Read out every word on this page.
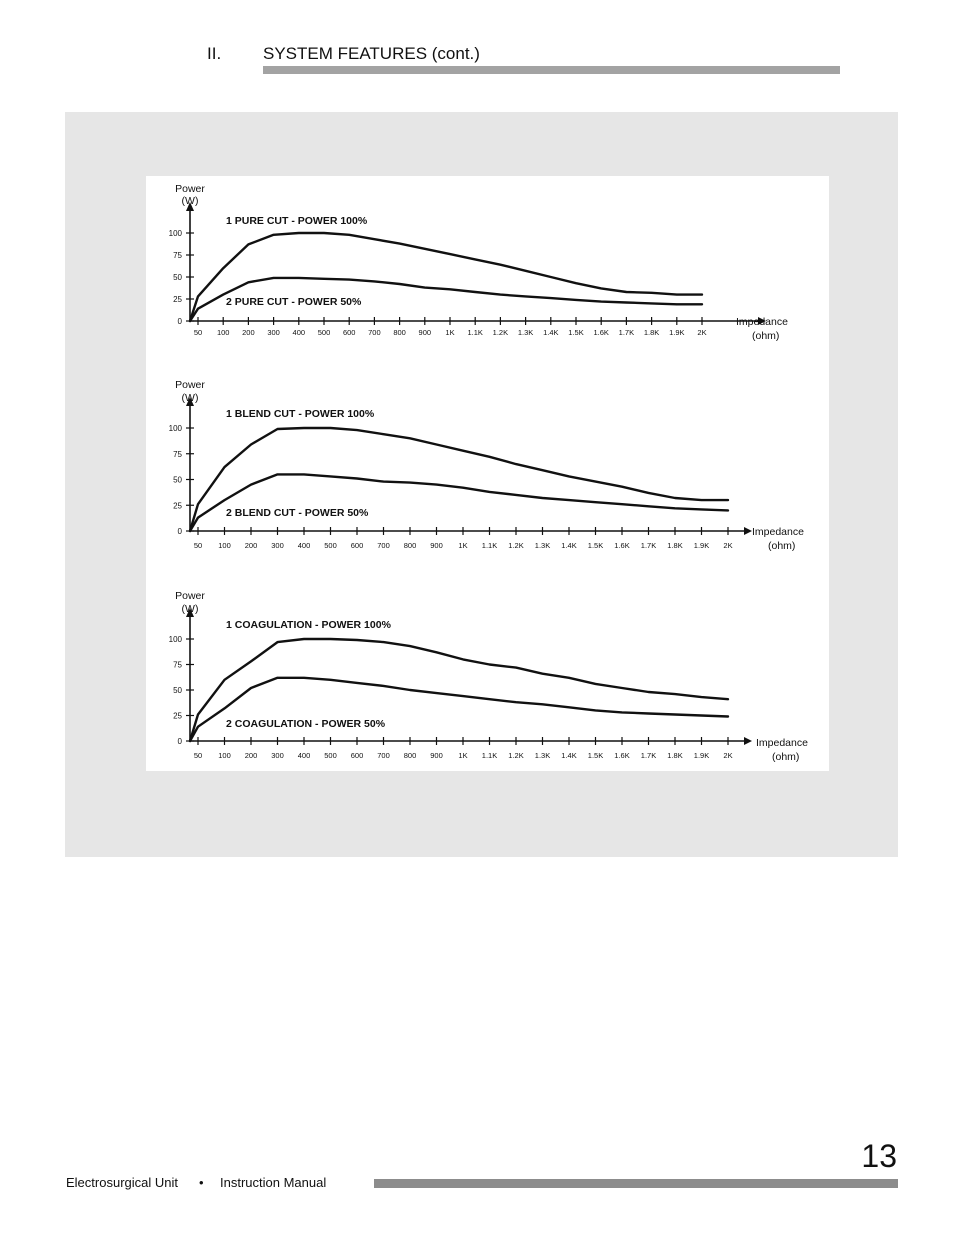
II. SYSTEM FEATURES (cont.)
0
25
50
75
100
50 100 200 300 400 500 600 700 800 900 1K 1.1K 1.2K 1.3K 1.4K 1.5K 1.6K 1.7K 1.8K 1.9K 2K
Power
(W)
Impedance
(ohm)
1 PURE CUT - POWER 100%
2 PURE CUT - POWER 50%
0
25
50
75
100
50 100 200 300 400 500 600 700 800 900 1K 1.1K 1.2K 1.3K 1.4K 1.5K 1.6K 1.7K 1.8K 1.9K 2K
Power
(W)
Impedance
(ohm)
1 BLEND CUT - POWER 100%
2 BLEND CUT - POWER 50%
0
25
50
75
100
50 100 200 300 400 500 600 700 800 900 1K 1.1K 1.2K 1.3K 1.4K 1.5K 1.6K 1.7K 1.8K 1.9K 2K
Power
(W)
Impedance
(ohm)
1 COAGULATION - POWER 100%
2 COAGULATION - POWER 50%
Electrosurgical Unit • Instruction Manual
13
